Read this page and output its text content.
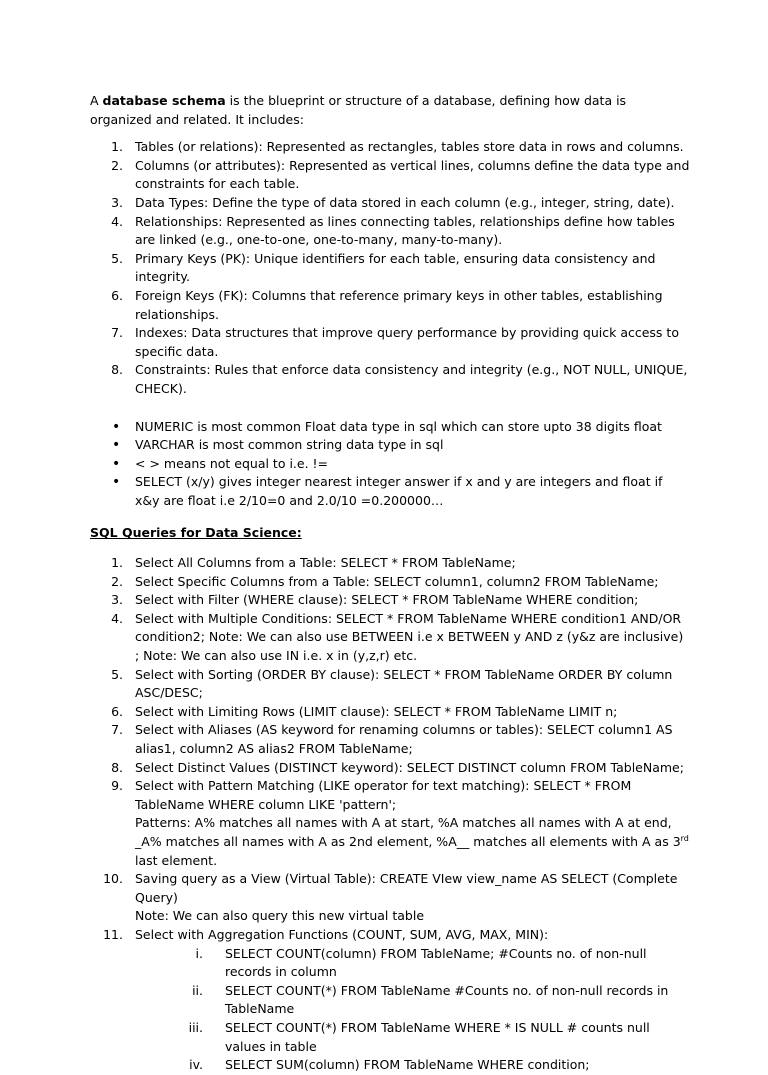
A database schema is the blueprint or structure of a database, defining how data is organized and related. It includes:

1. Tables (or relations): Represented as rectangles, tables store data in rows and columns.
2. Columns (or attributes): Represented as vertical lines, columns define the data type and constraints for each table.
3. Data Types: Define the type of data stored in each column (e.g., integer, string, date).
4. Relationships: Represented as lines connecting tables, relationships define how tables are linked (e.g., one-to-one, one-to-many, many-to-many).
5. Primary Keys (PK): Unique identifiers for each table, ensuring data consistency and integrity.
6. Foreign Keys (FK): Columns that reference primary keys in other tables, establishing relationships.
7. Indexes: Data structures that improve query performance by providing quick access to specific data.
8. Constraints: Rules that enforce data consistency and integrity (e.g., NOT NULL, UNIQUE, CHECK).
• NUMERIC is most common Float data type in sql which can store upto 38 digits float
• VARCHAR is most common string data type in sql
• < > means not equal to i.e. !=
• SELECT (x/y) gives integer nearest integer answer if x and y are integers and float if x&y are float i.e 2/10=0 and 2.0/10 =0.200000…

SQL Queries for Data Science:

1. Select All Columns from a Table: SELECT * FROM TableName;
2. Select Specific Columns from a Table: SELECT column1, column2 FROM TableName;
3. Select with Filter (WHERE clause): SELECT * FROM TableName WHERE condition;
4. Select with Multiple Conditions: SELECT * FROM TableName WHERE condition1 AND/OR condition2; Note: We can also use BETWEEN i.e x BETWEEN y AND z (y&z are inclusive) ; Note: We can also use IN i.e. x in (y,z,r) etc.
5. Select with Sorting (ORDER BY clause): SELECT * FROM TableName ORDER BY column ASC/DESC;
6. Select with Limiting Rows (LIMIT clause): SELECT * FROM TableName LIMIT n;
7. Select with Aliases (AS keyword for renaming columns or tables): SELECT column1 AS alias1, column2 AS alias2 FROM TableName;
8. Select Distinct Values (DISTINCT keyword): SELECT DISTINCT column FROM TableName;
9. Select with Pattern Matching (LIKE operator for text matching): SELECT * FROM TableName WHERE column LIKE 'pattern';
Patterns: A% matches all names with A at start, %A matches all names with A at end, _A% matches all names with A as 2nd element, %A__ matches all elements with A as 3rd last element.
10. Saving query as a View (Virtual Table): CREATE VIew view_name AS SELECT (Complete Query)
Note: We can also query this new virtual table
11. Select with Aggregation Functions (COUNT, SUM, AVG, MAX, MIN):
i. SELECT COUNT(column) FROM TableName; #Counts no. of non-null records in column
ii. SELECT COUNT(*) FROM TableName #Counts no. of non-null records in TableName
iii. SELECT COUNT(*) FROM TableName WHERE * IS NULL # counts null values in table
iv. SELECT SUM(column) FROM TableName WHERE condition;
